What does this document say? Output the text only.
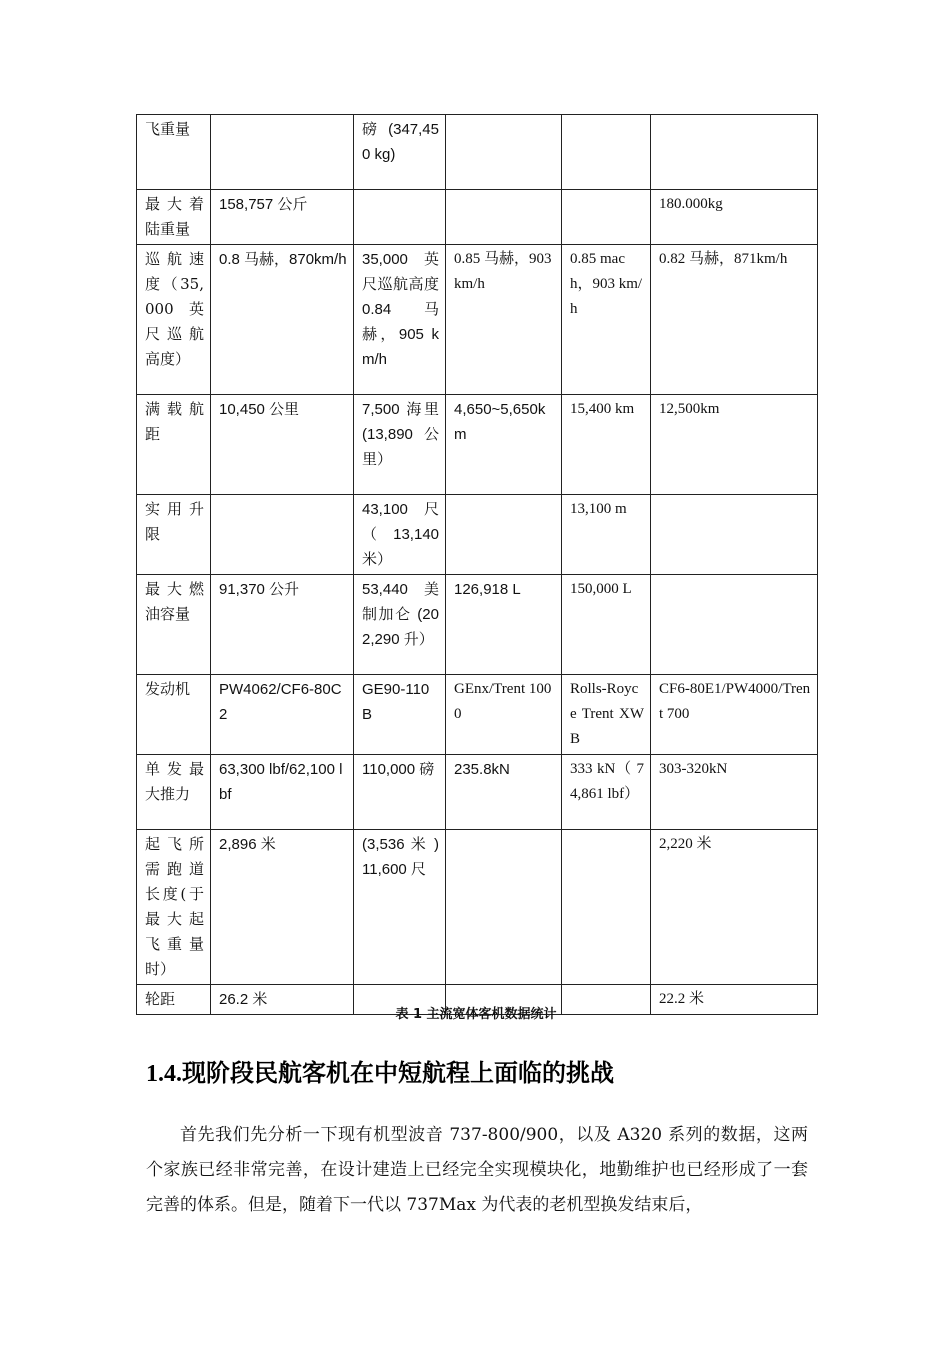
飞重量		磅 (347,450 kg)			
最大着陆重量	158,757 公斤				180.000kg
巡航速度（35,000 英尺巡航高度）	0.8 马赫，870km/h	35,000 英尺巡航高度 0.84 马赫，905 km/h	0.85 马赫，903 km/h	0.85 mach，903 km/h	0.82 马赫，871km/h
满载航距	10,450 公里	7,500 海里 (13,890 公里）	4,650~5,650km	15,400 km	12,500km
实用升限		43,100 尺（ 13,140 米）		13,100 m	
最大燃油容量	91,370 公升	53,440 美制加仑 (202,290 升）	126,918 L	150,000 L	
发动机	PW4062/CF6-80C2	GE90-110B	GEnx/Trent 1000	Rolls-Royce Trent XWB	CF6-80E1/PW4000/Trent 700
单发最大推力	63,300 lbf/62,100 lbf	110,000 磅	235.8kN	333 kN（ 74,861 lbf）	303-320kN
起飞所需跑道长度(于最大起飞重量时）	2,896 米	(3,536 米 ) 11,600 尺			2,220 米
轮距	26.2 米				22.2 米
表 1 主流宽体客机数据统计
1.4.现阶段民航客机在中短航程上面临的挑战

首先我们先分析一下现有机型波音 737-800/900，以及 A320 系列的数据，这两个家族已经非常完善，在设计建造上已经完全实现模块化，地勤维护也已经形成了一套完善的体系。但是，随着下一代以 737Max 为代表的老机型换发结束后，
